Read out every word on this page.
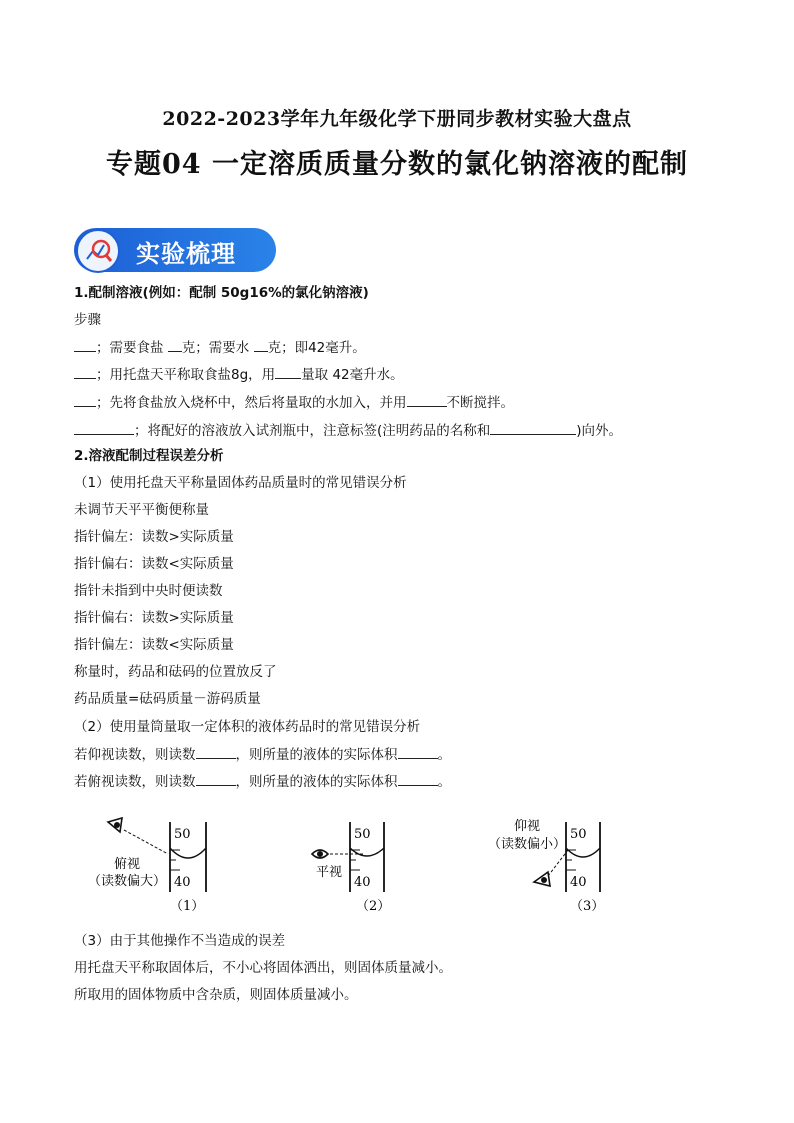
2022-2023学年九年级化学下册同步教材实验大盘点
专题04 一定溶质质量分数的氯化钠溶液的配制
实验梳理
1.配制溶液(例如：配制 50g16%的氯化钠溶液)
步骤
；需要食盐 克；需要水 克；即42毫升。
；用托盘天平称取食盐8g，用 量取 42毫升水。
；先将食盐放入烧杯中，然后将量取的水加入，并用	不断搅拌。
；将配好的溶液放入试剂瓶中，注意标签(注明药品的名称和	)向外。
2.溶液配制过程误差分析
（1）使用托盘天平称量固体药品质量时的常见错误分析
未调节天平平衡便称量
指针偏左：读数>实际质量
指针偏右：读数<实际质量
指针未指到中央时便读数
指针偏右：读数>实际质量
指针偏左：读数<实际质量
称量时，药品和砝码的位置放反了
药品质量=砝码质量－游码质量
（2）使用量筒量取一定体积的液体药品时的常见错误分析
若仰视读数，则读数	，则所量的液体的实际体积	。
若俯视读数，则读数	，则所量的液体的实际体积	。
50
40
俯视
（读数偏大）
（1）
50
40
平视
（2）
仰视
（读数偏小）
50
40
（3）
（3）由于其他操作不当造成的误差
用托盘天平称取固体后，不小心将固体洒出，则固体质量减小。
所取用的固体物质中含杂质，则固体质量减小。
